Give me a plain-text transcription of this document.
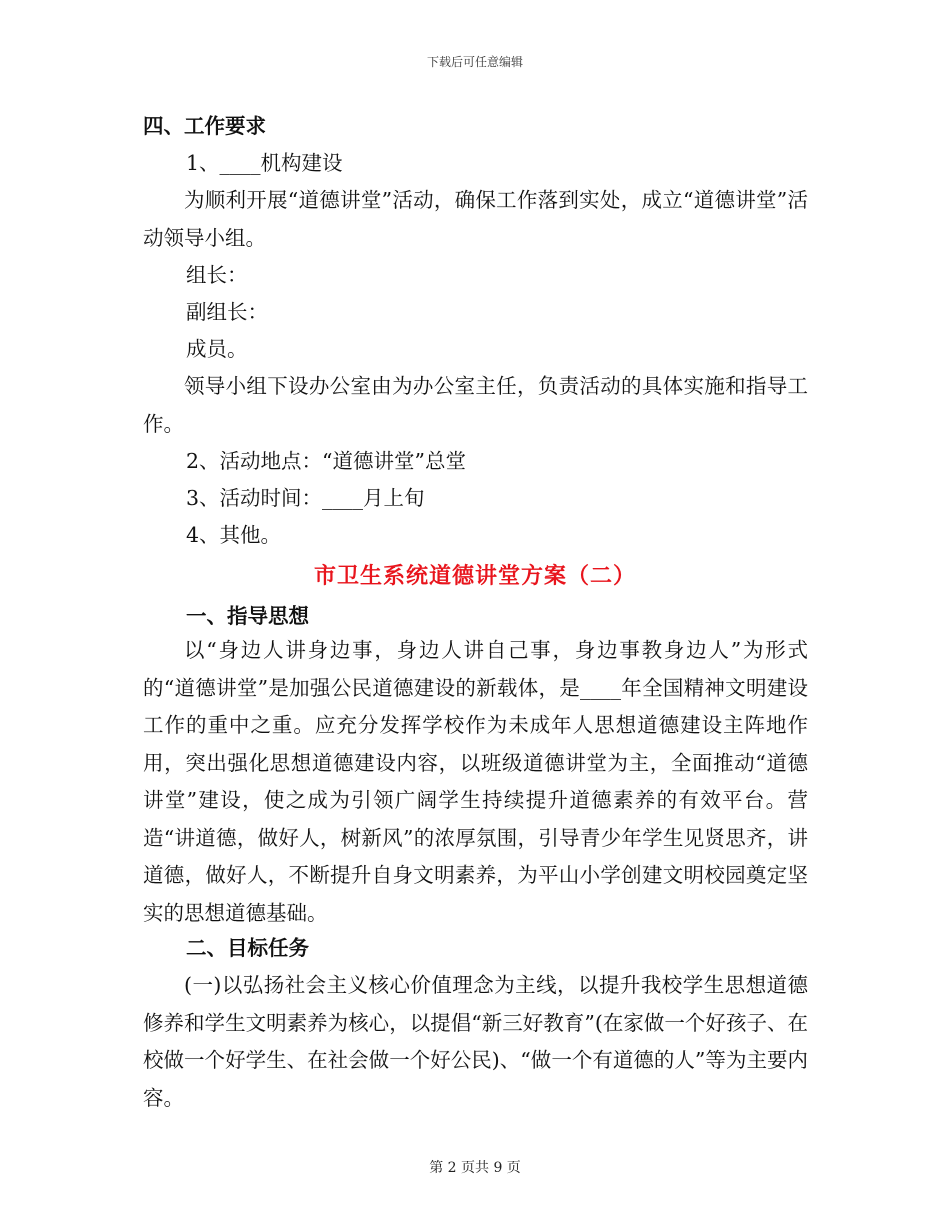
下载后可任意编辑
四、工作要求
1、____机构建设
为顺利开展“道德讲堂”活动，确保工作落到实处，成立“道德讲堂”活动领导小组。
组长：
副组长：
成员。
领导小组下设办公室由为办公室主任，负责活动的具体实施和指导工作。
2、活动地点：“道德讲堂”总堂
3、活动时间：____月上旬
4、其他。
市卫生系统道德讲堂方案（二）
一、指导思想
以“身边人讲身边事，身边人讲自己事，身边事教身边人”为形式的“道德讲堂”是加强公民道德建设的新载体，是____年全国精神文明建设工作的重中之重。应充分发挥学校作为未成年人思想道德建设主阵地作用，突出强化思想道德建设内容，以班级道德讲堂为主，全面推动“道德讲堂”建设，使之成为引领广阔学生持续提升道德素养的有效平台。营造“讲道德，做好人，树新风”的浓厚氛围，引导青少年学生见贤思齐，讲道德，做好人，不断提升自身文明素养，为平山小学创建文明校园奠定坚实的思想道德基础。
二、目标任务
(一)以弘扬社会主义核心价值理念为主线，以提升我校学生思想道德修养和学生文明素养为核心，以提倡“新三好教育”(在家做一个好孩子、在校做一个好学生、在社会做一个好公民)、“做一个有道德的人”等为主要内容。
第 2 页共 9 页
